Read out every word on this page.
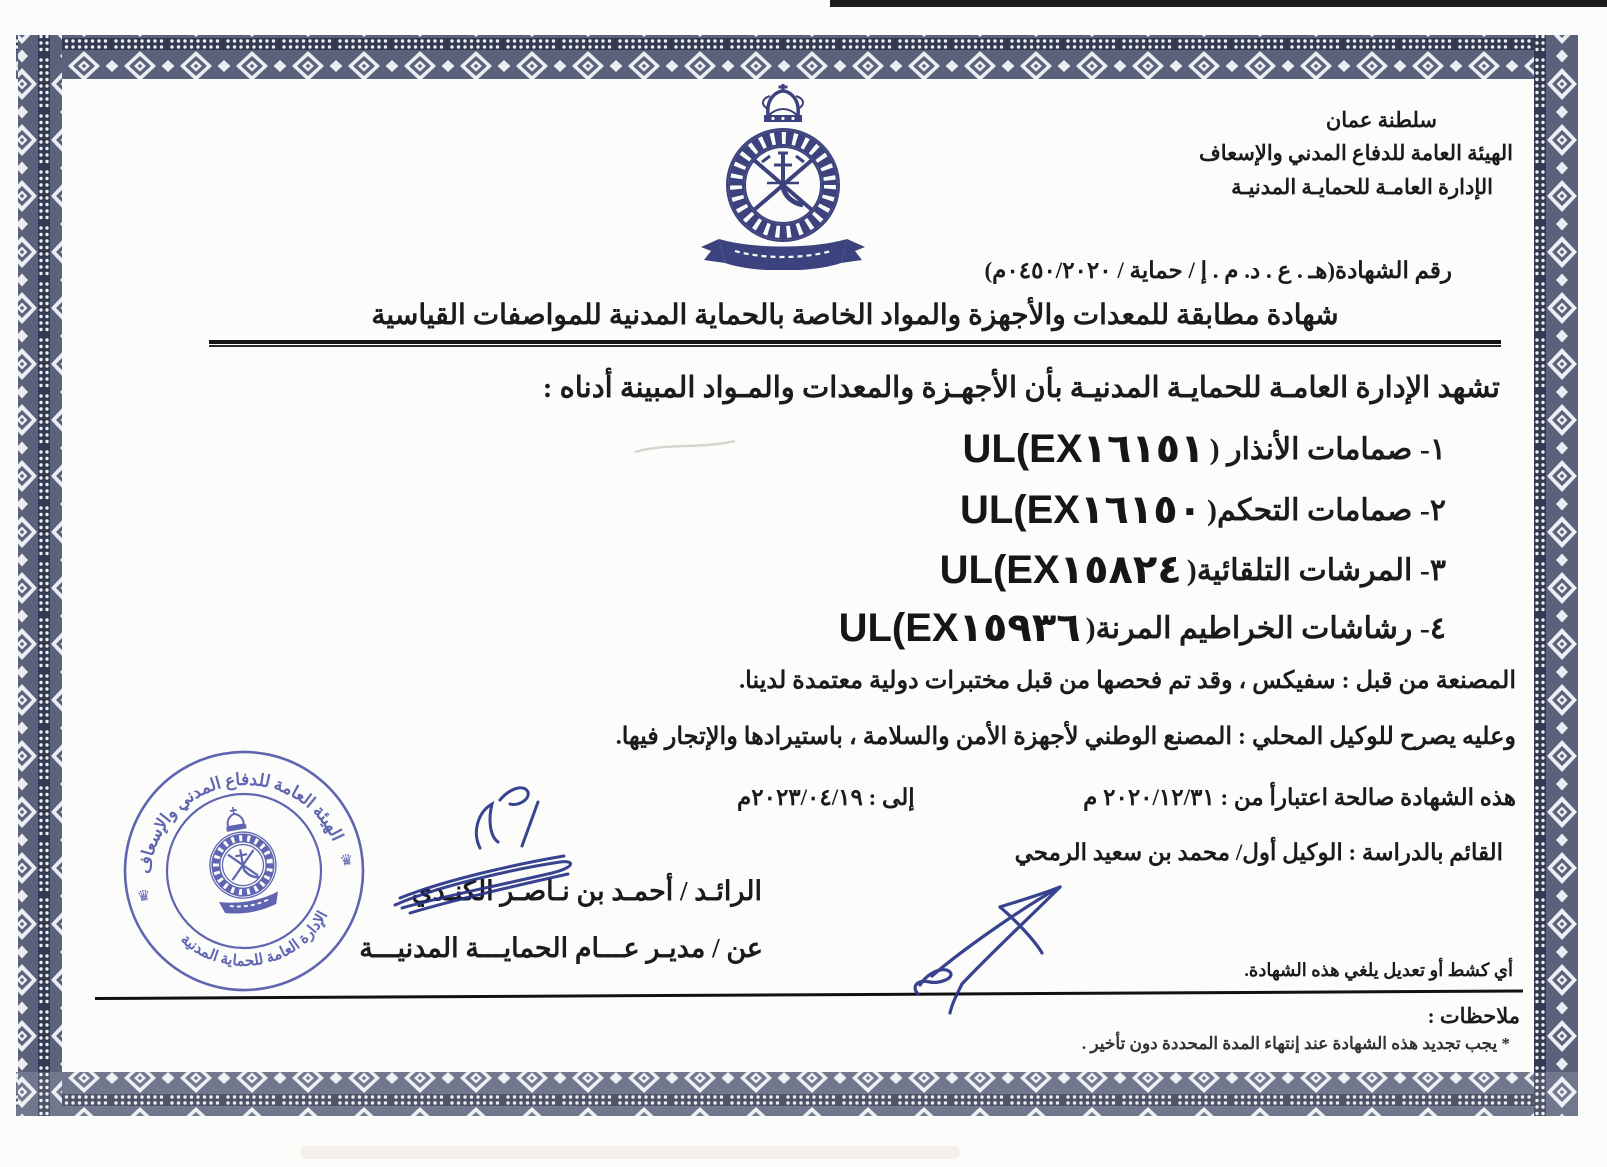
الهيئة العامة للدفاع المدني والإسعاف
الإدارة العامة للحماية المدنية
♛
♛
سلطنة عمان
الهيئة العامة للدفاع المدني والإسعاف
الإدارة العامـة للحمايـة المدنيـة
رقم الشهادة(هـ . ع . د. م . إ / حماية / ٠٤٥٠/٢٠٢٠م)
شهادة مطابقة للمعدات والأجهزة والمواد الخاصة بالحماية المدنية للمواصفات القياسية
تشهد الإدارة العامـة للحمايـة المدنيـة بأن الأجهـزة والمعدات والمـواد المبينة أدناه :
UL(EX١٦١٥١ ١- صمامات الأنذار (
UL(EX١٦١٥٠ ٢- صمامات التحكم(
UL(EX١٥٨٢٤ ٣- المرشات التلقائية(
UL(EX١٥٩٣٦ ٤- رشاشات الخراطيم المرنة(
المصنعة من قبل : سفيكس ، وقد تم فحصها من قبل مختبرات دولية معتمدة لدينا.
وعليه يصرح للوكيل المحلي : المصنع الوطني لأجهزة الأمن والسلامة ، باستيرادها والإتجار فيها.
هذه الشهادة صالحة اعتبارأ من : ٢٠٢٠/١٢/٣١ م
إلى : ٢٠٢٣/٠٤/١٩م
القائم بالدراسة : الوكيل أول/ محمد بن سعيد الرمحي
الرائـد / أحمـد بن نـاصـر الكنـدي
عن / مديـر عـــام الحمايـــة المدنيـــة
أي كشط أو تعديل يلغي هذه الشهادة.
ملاحظات :
* يجب تجديد هذه الشهادة عند إنتهاء المدة المحددة دون تأخير .
